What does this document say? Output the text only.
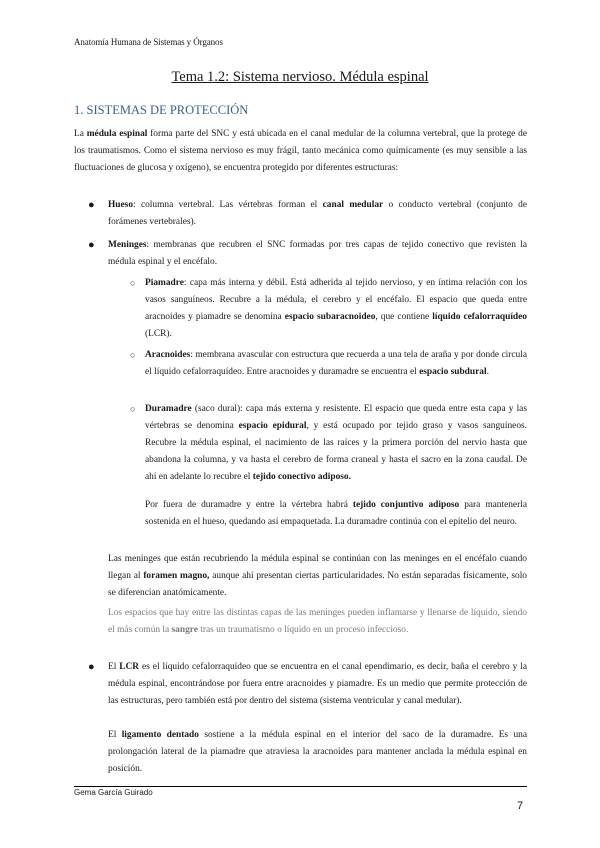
Anatomía Humana de Sistemas y Órganos
Tema 1.2: Sistema nervioso. Médula espinal
1. SISTEMAS DE PROTECCIÓN
La médula espinal forma parte del SNC y está ubicada en el canal medular de la columna vertebral, que la protege de los traumatismos. Como el sistema nervioso es muy frágil, tanto mecánica como químicamente (es muy sensible a las fluctuaciones de glucosa y oxígeno), se encuentra protegido por diferentes estructuras:
● Hueso: columna vertebral. Las vértebras forman el canal medular o conducto vertebral (conjunto de forámenes vertebrales).
● Meninges: membranas que recubren el SNC formadas por tres capas de tejido conectivo que revisten la médula espinal y el encéfalo.
○ Piamadre: capa más interna y débil. Está adherida al tejido nervioso, y en íntima relación con los vasos sanguíneos. Recubre a la médula, el cerebro y el encéfalo. El espacio que queda entre aracnoides y piamadre se denomina espacio subaracnoideo, que contiene líquido cefalorraquídeo (LCR).
○ Aracnoides: membrana avascular con estructura que recuerda a una tela de araña y por donde circula el líquido cefalorraquídeo. Entre aracnoides y duramadre se encuentra el espacio subdural.
○ Duramadre (saco dural): capa más externa y resistente. El espacio que queda entre esta capa y las vértebras se denomina espacio epidural, y está ocupado por tejido graso y vasos sanguíneos. Recubre la médula espinal, el nacimiento de las raíces y la primera porción del nervio hasta que abandona la columna, y va hasta el cerebro de forma craneal y hasta el sacro en la zona caudal. De ahí en adelante lo recubre el tejido conectivo adiposo.
Por fuera de duramadre y entre la vértebra habrá tejido conjuntivo adiposo para mantenerla sostenida en el hueso, quedando así empaquetada. La duramadre continúa con el epitelio del neuro.
Las meninges que están recubriendo la médula espinal se continúan con las meninges en el encéfalo cuando llegan al foramen magno, aunque ahí presentan ciertas particularidades. No están separadas físicamente, solo se diferencian anatómicamente.
Los espacios que hay entre las distintas capas de las meninges pueden inflamarse y llenarse de líquido, siendo el más común la sangre tras un traumatismo o líquido en un proceso infeccioso.
● El LCR es el líquido cefalorraquídeo que se encuentra en el canal ependimario, es decir, baña el cerebro y la médula espinal, encontrándose por fuera entre aracnoides y piamadre. Es un medio que permite protección de las estructuras, pero también está por dentro del sistema (sistema ventricular y canal medular).
El ligamento dentado sostiene a la médula espinal en el interior del saco de la duramadre. Es una prolongación lateral de la piamadre que atraviesa la aracnoides para mantener anclada la médula espinal en posición.
Gema García Guirado
7
